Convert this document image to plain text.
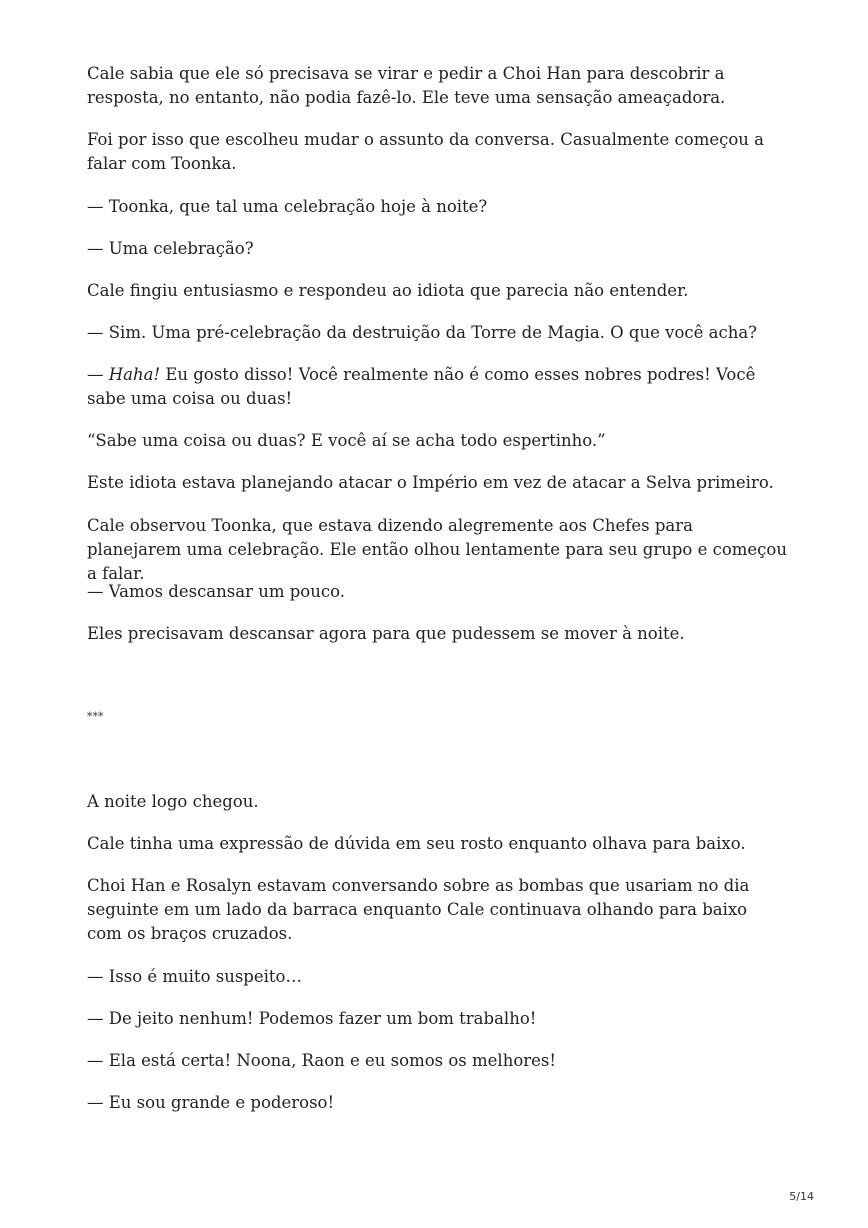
Cale sabia que ele só precisava se virar e pedir a Choi Han para descobrir a resposta, no entanto, não podia fazê-lo. Ele teve uma sensação ameaçadora.

Foi por isso que escolheu mudar o assunto da conversa. Casualmente começou a falar com Toonka.

— Toonka, que tal uma celebração hoje à noite?

— Uma celebração?

Cale fingiu entusiasmo e respondeu ao idiota que parecia não entender.

— Sim. Uma pré-celebração da destruição da Torre de Magia. O que você acha?

— Haha! Eu gosto disso! Você realmente não é como esses nobres podres! Você sabe uma coisa ou duas!

“Sabe uma coisa ou duas? E você aí se acha todo espertinho.”

Este idiota estava planejando atacar o Império em vez de atacar a Selva primeiro.

Cale observou Toonka, que estava dizendo alegremente aos Chefes para planejarem uma celebração. Ele então olhou lentamente para seu grupo e começou a falar.

— Vamos descansar um pouco.

Eles precisavam descansar agora para que pudessem se mover à noite.

***

A noite logo chegou.

Cale tinha uma expressão de dúvida em seu rosto enquanto olhava para baixo.

Choi Han e Rosalyn estavam conversando sobre as bombas que usariam no dia seguinte em um lado da barraca enquanto Cale continuava olhando para baixo com os braços cruzados.

— Isso é muito suspeito…

— De jeito nenhum! Podemos fazer um bom trabalho!

— Ela está certa! Noona, Raon e eu somos os melhores!

— Eu sou grande e poderoso!

5/14
